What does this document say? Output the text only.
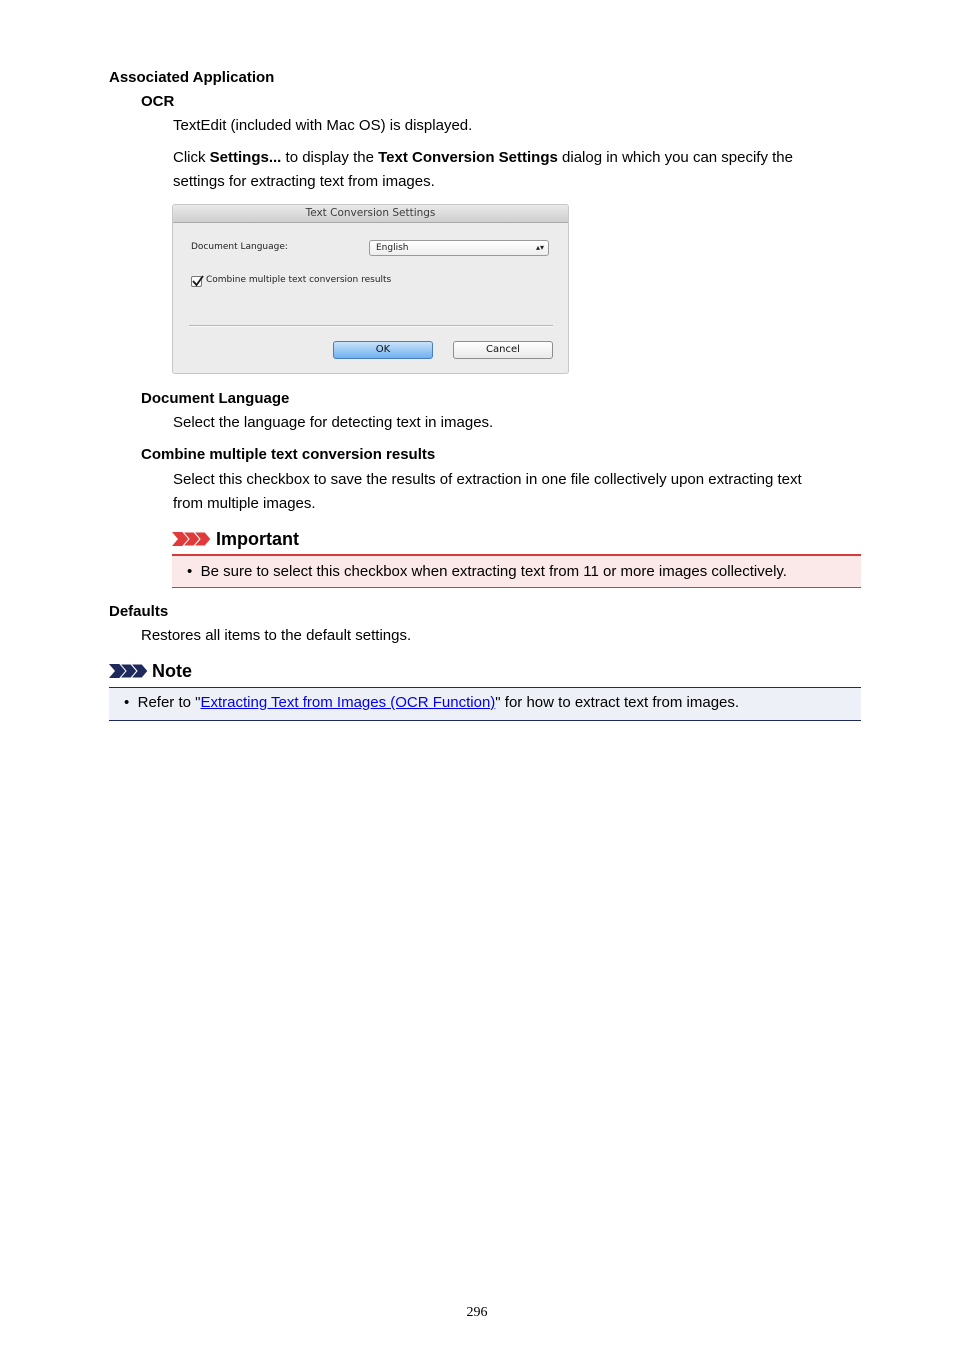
Associated Application
OCR
TextEdit (included with Mac OS) is displayed.
Click Settings... to display the Text Conversion Settings dialog in which you can specify the
settings for extracting text from images.
Text Conversion Settings
Document Language:	English	▴▾
Combine multiple text conversion results
OK	Cancel
Document Language
Select the language for detecting text in images.
Combine multiple text conversion results
Select this checkbox to save the results of extraction in one file collectively upon extracting text
from multiple images.
Important
• Be sure to select this checkbox when extracting text from 11 or more images collectively.
Defaults
Restores all items to the default settings.
Note
• Refer to "Extracting Text from Images (OCR Function)" for how to extract text from images.
296
